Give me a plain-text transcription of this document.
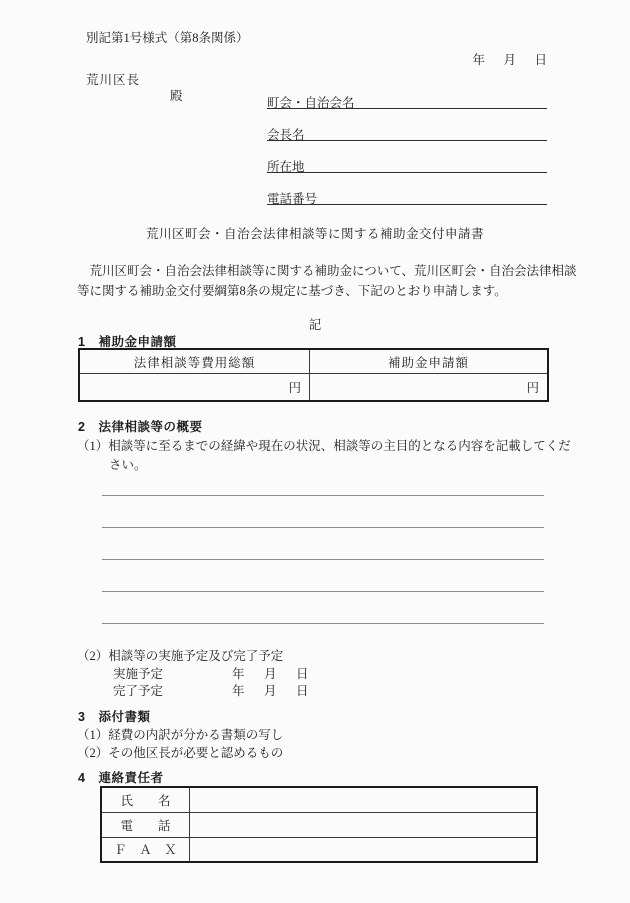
別記第1号様式（第8条関係）
年　月　日
荒川区長
殿	町会・自治会名
会長名
所在地
電話番号
荒川区町会・自治会法律相談等に関する補助金交付申請書
　荒川区町会・自治会法律相談等に関する補助金について、荒川区町会・自治会法律相談
等に関する補助金交付要綱第8条の規定に基づき、下記のとおり申請します。
記
1　補助金申請額
法律相談等費用総額	補助金申請額
円	円
2　法律相談等の概要
（1）相談等に至るまでの経緯や現在の状況、相談等の主目的となる内容を記載してくだ
さい。
（2）相談等の実施予定及び完了予定
実施予定	年 月 日
完了予定	年 月 日
3　添付書類
（1）経費の内訳が分かる書類の写し
（2）その他区長が必要と認めるもの
4　連絡責任者
氏　　名	
電　　話	
Ｆ　Ａ　Ｘ	
